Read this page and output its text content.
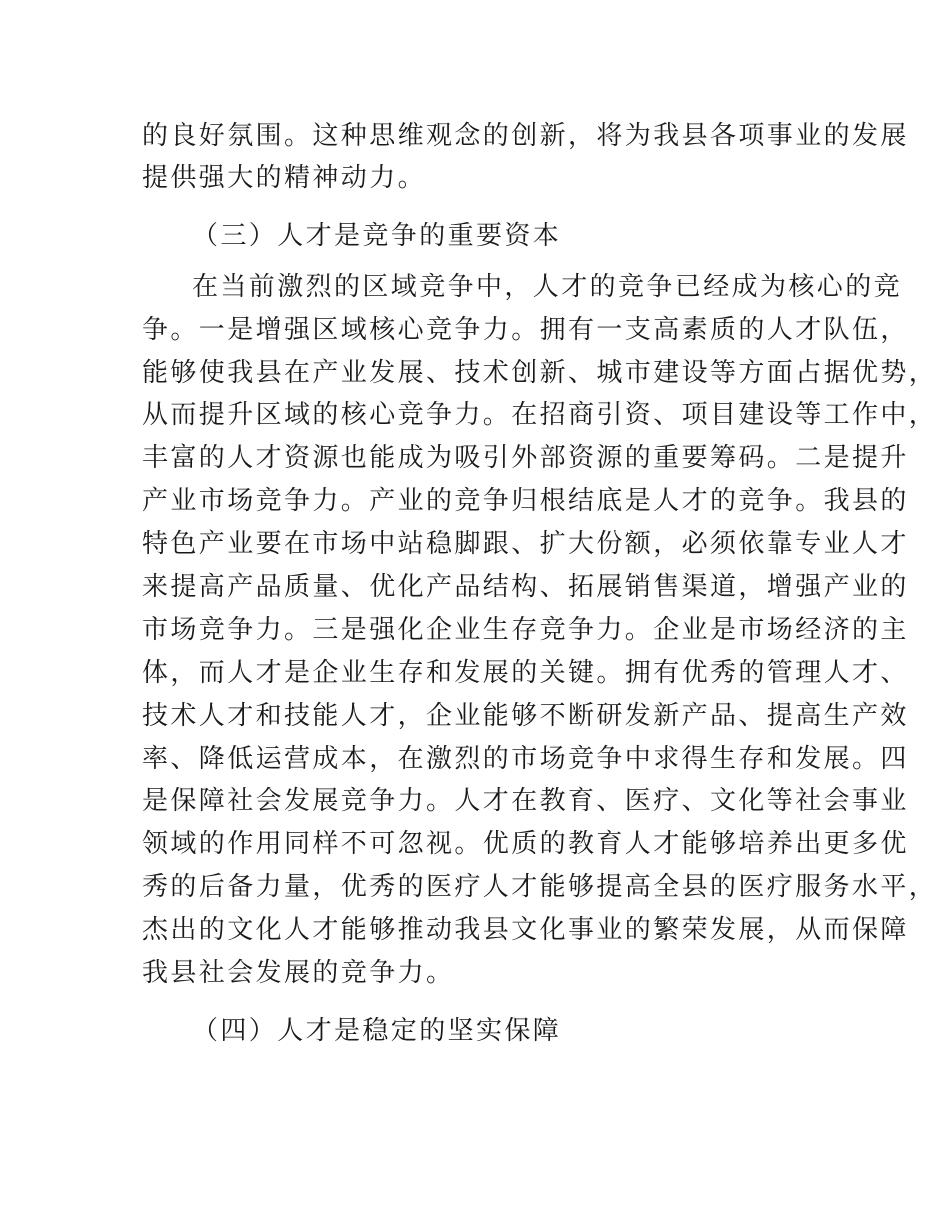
的良好氛围。这种思维观念的创新，将为我县各项事业的发展
提供强大的精神动力。
（三）人才是竞争的重要资本
在当前激烈的区域竞争中，人才的竞争已经成为核心的竞
争。一是增强区域核心竞争力。拥有一支高素质的人才队伍，
能够使我县在产业发展、技术创新、城市建设等方面占据优势，
从而提升区域的核心竞争力。在招商引资、项目建设等工作中，
丰富的人才资源也能成为吸引外部资源的重要筹码。二是提升
产业市场竞争力。产业的竞争归根结底是人才的竞争。我县的
特色产业要在市场中站稳脚跟、扩大份额，必须依靠专业人才
来提高产品质量、优化产品结构、拓展销售渠道，增强产业的
市场竞争力。三是强化企业生存竞争力。企业是市场经济的主
体，而人才是企业生存和发展的关键。拥有优秀的管理人才、
技术人才和技能人才，企业能够不断研发新产品、提高生产效
率、降低运营成本，在激烈的市场竞争中求得生存和发展。四
是保障社会发展竞争力。人才在教育、医疗、文化等社会事业
领域的作用同样不可忽视。优质的教育人才能够培养出更多优
秀的后备力量，优秀的医疗人才能够提高全县的医疗服务水平，
杰出的文化人才能够推动我县文化事业的繁荣发展，从而保障
我县社会发展的竞争力。
（四）人才是稳定的坚实保障
